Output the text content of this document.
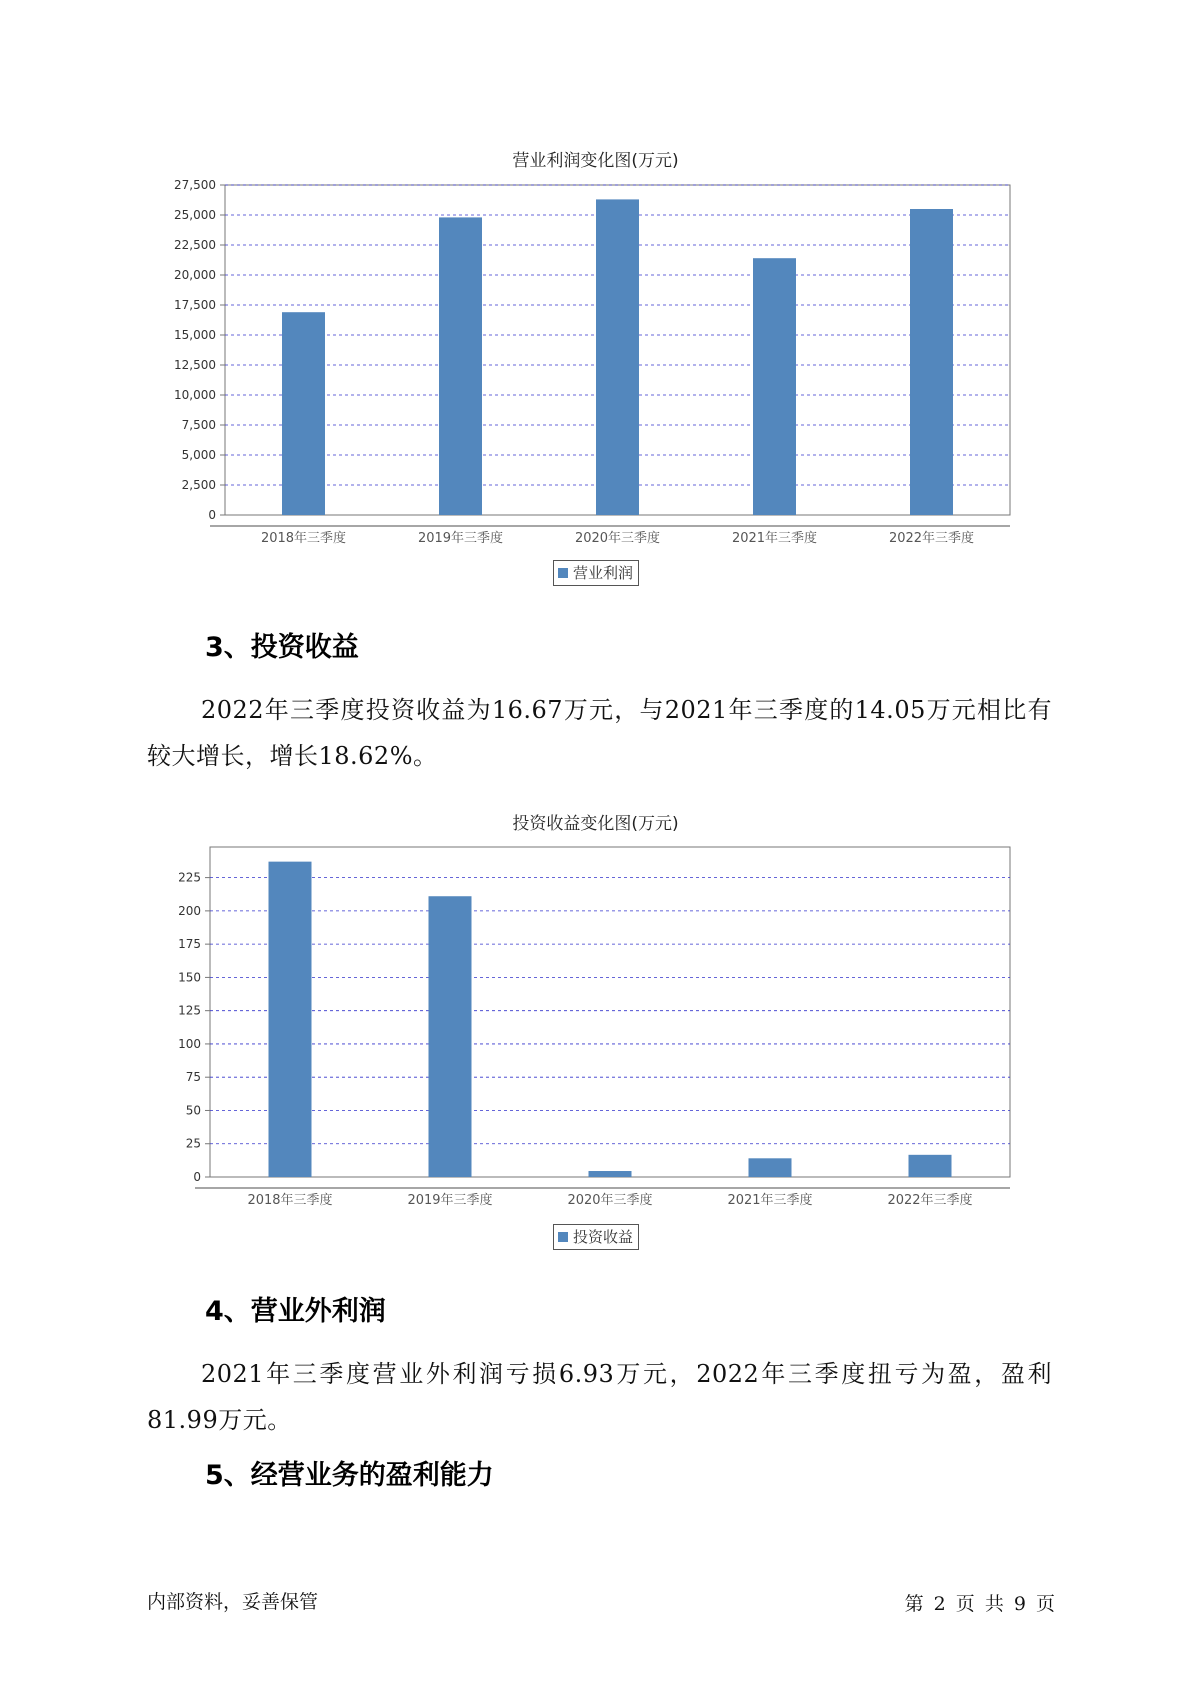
营业利润变化图(万元)
0
2,500
5,000
7,500
10,000
12,500
15,000
17,500
20,000
22,500
25,000
27,500
2018年三季度	2019年三季度	2020年三季度	2021年三季度	2022年三季度
营业利润
3、投资收益
2022年三季度投资收益为16.67万元，与2021年三季度的14.05万元相比有较大增长，增长18.62%。
投资收益变化图(万元)
0
25
50
75
100
125
150
175
200
225
2018年三季度	2019年三季度	2020年三季度	2021年三季度	2022年三季度
投资收益
4、营业外利润
2021年三季度营业外利润亏损6.93万元，2022年三季度扭亏为盈，盈利81.99万元。
5、经营业务的盈利能力
内部资料，妥善保管	第 2 页 共 9 页
